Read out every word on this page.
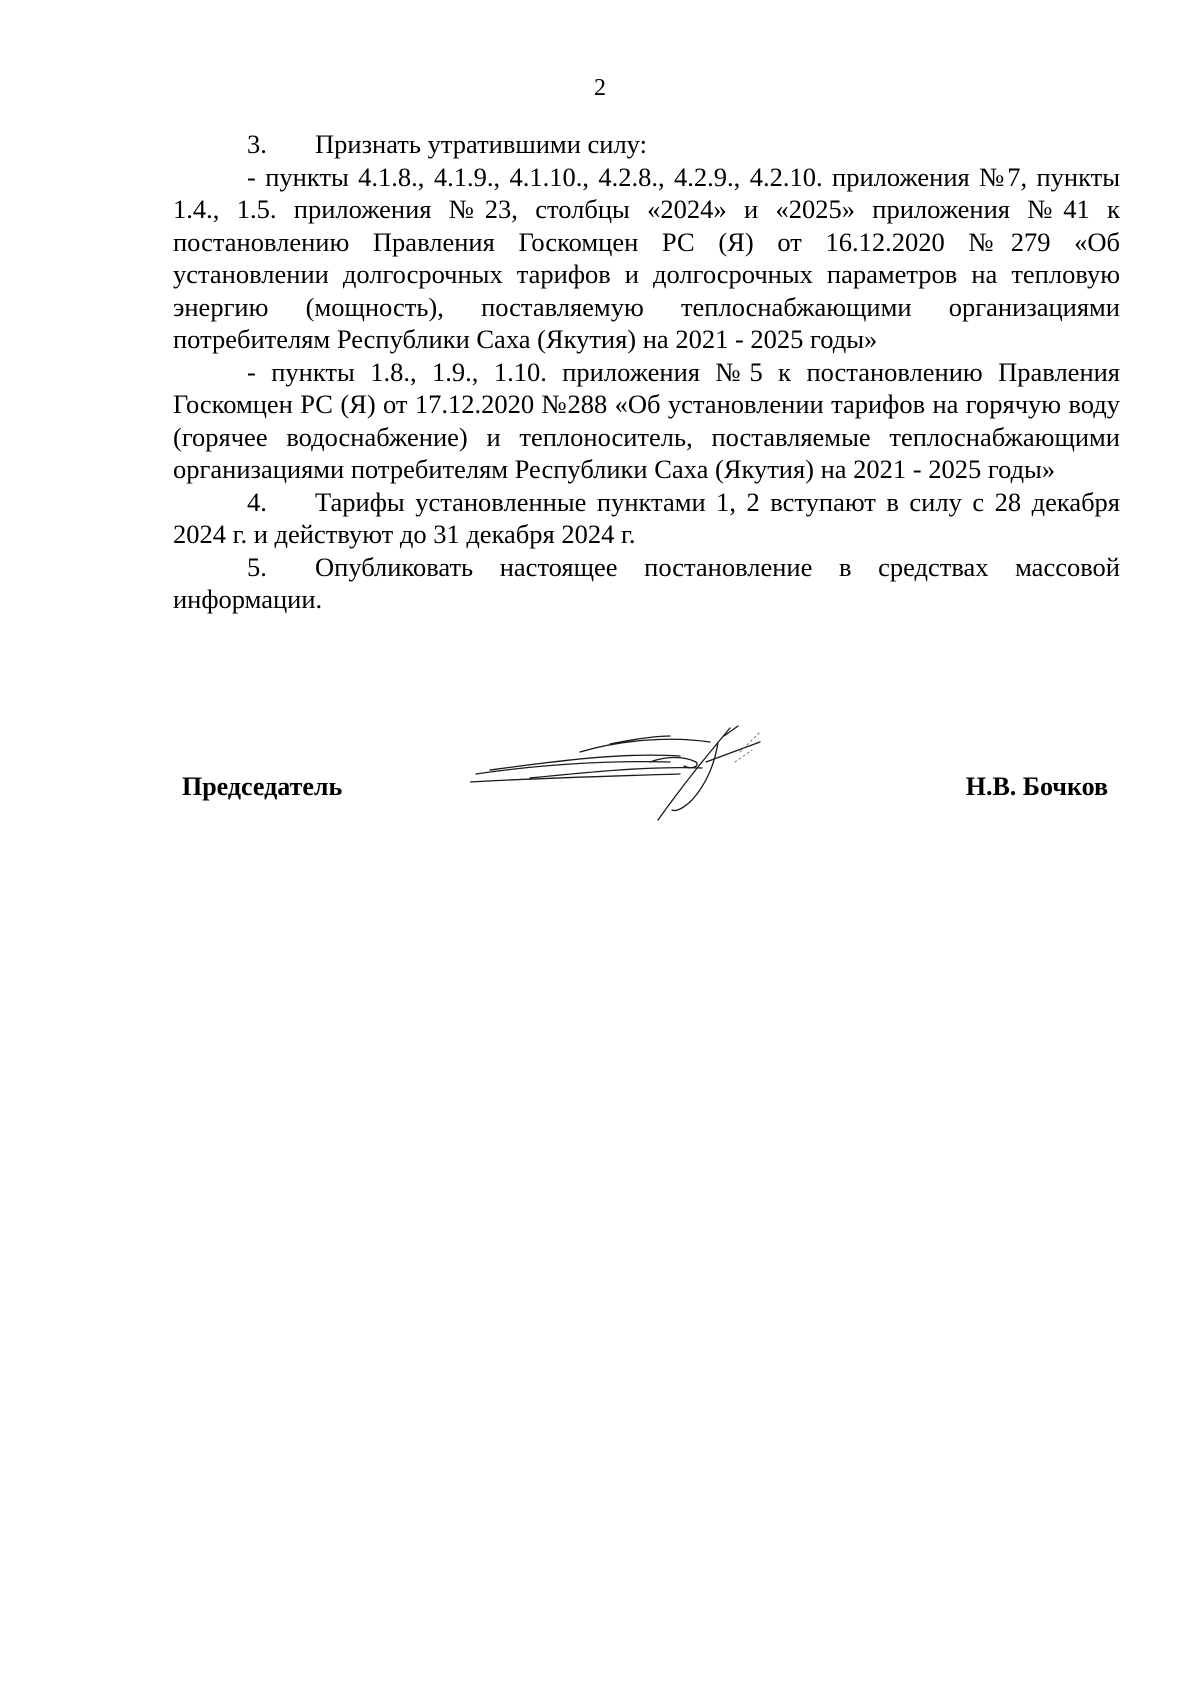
2

3. Признать утратившими силу:

- пункты 4.1.8., 4.1.9., 4.1.10., 4.2.8., 4.2.9., 4.2.10. приложения №7, пункты 1.4., 1.5. приложения №23, столбцы «2024» и «2025» приложения №41 к постановлению Правления Госкомцен РС (Я) от 16.12.2020 №279 «Об установлении долгосрочных тарифов и долгосрочных параметров на тепловую энергию (мощность), поставляемую теплоснабжающими организациями потребителям Республики Саха (Якутия) на 2021 - 2025 годы»

- пункты 1.8., 1.9., 1.10. приложения №5 к постановлению Правления Госкомцен РС (Я) от 17.12.2020 №288 «Об установлении тарифов на горячую воду (горячее водоснабжение) и теплоноситель, поставляемые теплоснабжающими организациями потребителям Республики Саха (Якутия) на 2021 - 2025 годы»

4. Тарифы установленные пунктами 1, 2 вступают в силу с 28 декабря 2024 г. и действуют до 31 декабря 2024 г.

5. Опубликовать настоящее постановление в средствах массовой информации.

Председатель	Н.В. Бочков
